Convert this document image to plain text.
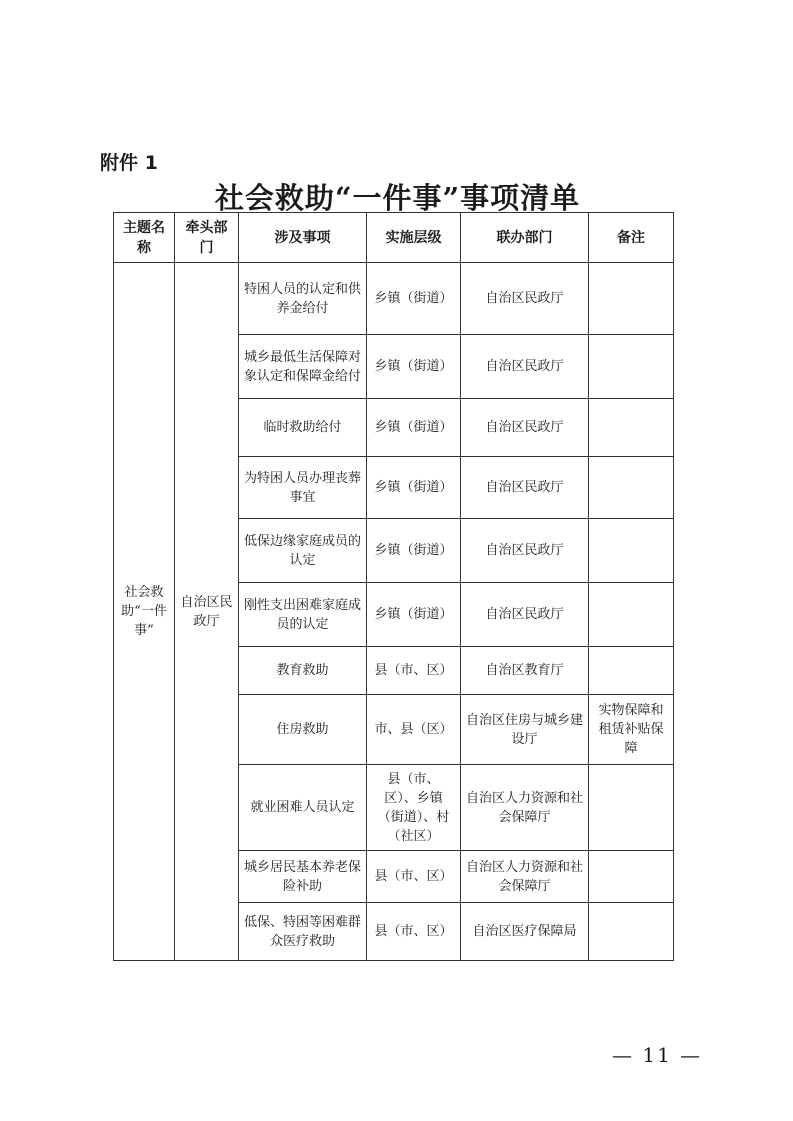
附件 1
社会救助“一件事”事项清单
主题名称	牵头部门	涉及事项	实施层级	联办部门	备注
社会救助“一件事”	自治区民政厅	特困人员的认定和供养金给付	乡镇（街道）	自治区民政厅	
		城乡最低生活保障对象认定和保障金给付	乡镇（街道）	自治区民政厅	
		临时救助给付	乡镇（街道）	自治区民政厅	
		为特困人员办理丧葬事宜	乡镇（街道）	自治区民政厅	
		低保边缘家庭成员的认定	乡镇（街道）	自治区民政厅	
		刚性支出困难家庭成员的认定	乡镇（街道）	自治区民政厅	
		教育救助	县（市、区）	自治区教育厅	
		住房救助	市、县（区）	自治区住房与城乡建设厅	实物保障和租赁补贴保障
		就业困难人员认定	县（市、区）、乡镇（街道）、村（社区）	自治区人力资源和社会保障厅	
		城乡居民基本养老保险补助	县（市、区）	自治区人力资源和社会保障厅	
		低保、特困等困难群众医疗救助	县（市、区）	自治区医疗保障局	
— 11 —
